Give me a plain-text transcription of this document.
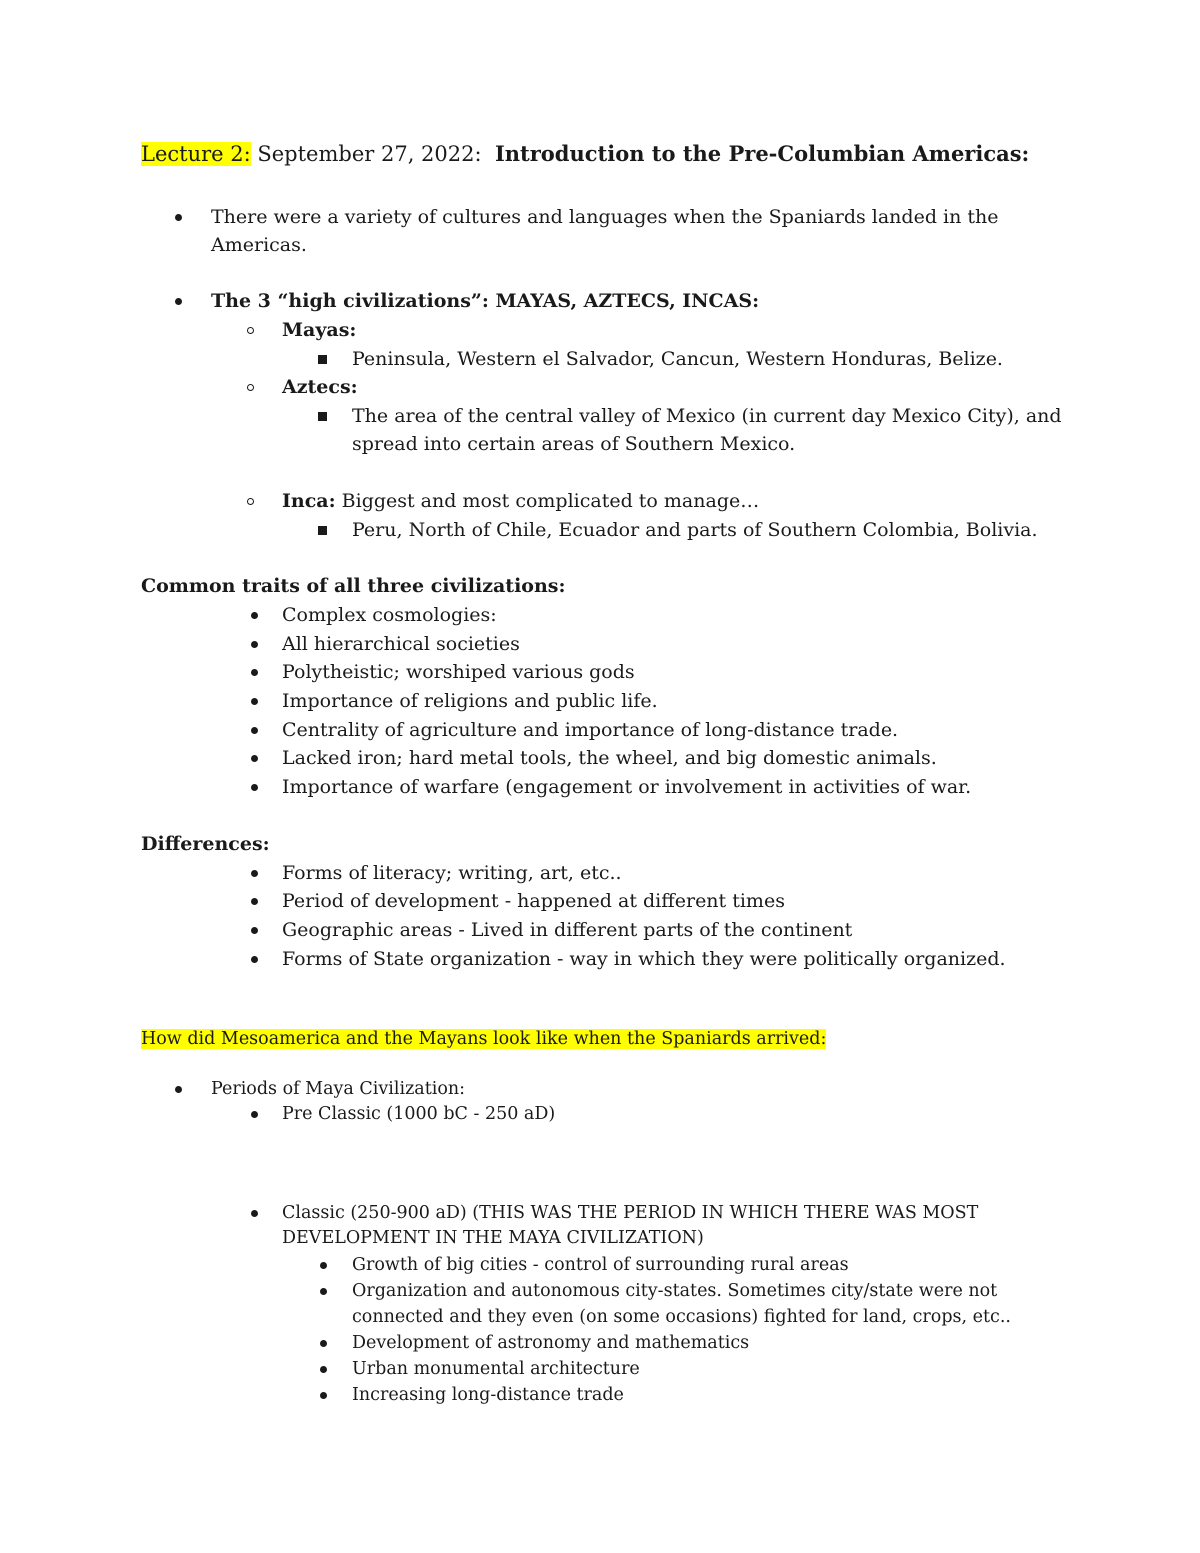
Lecture 2: September 27, 2022: Introduction to the Pre-Columbian Americas:
There were a variety of cultures and languages when the Spaniards landed in the
Americas.
The 3 “high civilizations”: MAYAS, AZTECS, INCAS:
Mayas:
Peninsula, Western el Salvador, Cancun, Western Honduras, Belize.
Aztecs:
The area of the central valley of Mexico (in current day Mexico City), and
spread into certain areas of Southern Mexico.
Inca: Biggest and most complicated to manage…
Peru, North of Chile, Ecuador and parts of Southern Colombia, Bolivia.
Common traits of all three civilizations:
Complex cosmologies:
All hierarchical societies
Polytheistic; worshiped various gods
Importance of religions and public life.
Centrality of agriculture and importance of long-distance trade.
Lacked iron; hard metal tools, the wheel, and big domestic animals.
Importance of warfare (engagement or involvement in activities of war.
Differences:
Forms of literacy; writing, art, etc..
Period of development - happened at different times
Geographic areas - Lived in different parts of the continent
Forms of State organization - way in which they were politically organized.
How did Mesoamerica and the Mayans look like when the Spaniards arrived:
Periods of Maya Civilization:
Pre Classic (1000 bC - 250 aD)
Classic (250-900 aD) (THIS WAS THE PERIOD IN WHICH THERE WAS MOST
DEVELOPMENT IN THE MAYA CIVILIZATION)
Growth of big cities - control of surrounding rural areas
Organization and autonomous city-states. Sometimes city/state were not
connected and they even (on some occasions) fighted for land, crops, etc..
Development of astronomy and mathematics
Urban monumental architecture
Increasing long-distance trade
